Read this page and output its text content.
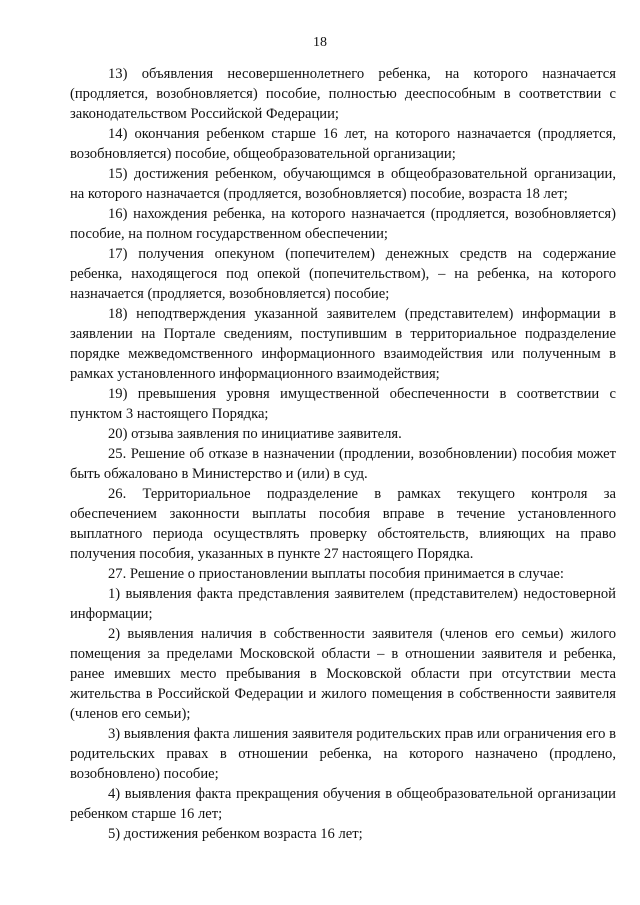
18

13) объявления несовершеннолетнего ребенка, на которого назначается (продляется, возобновляется) пособие, полностью дееспособным в соответствии с законодательством Российской Федерации;

14) окончания ребенком старше 16 лет, на которого назначается (продляется, возобновляется) пособие, общеобразовательной организации;

15) достижения ребенком, обучающимся в общеобразовательной организации, на которого назначается (продляется, возобновляется) пособие, возраста 18 лет;

16) нахождения ребенка, на которого назначается (продляется, возобновляется) пособие, на полном государственном обеспечении;

17) получения опекуном (попечителем) денежных средств на содержание ребенка, находящегося под опекой (попечительством), – на ребенка, на которого назначается (продляется, возобновляется) пособие;

18) неподтверждения указанной заявителем (представителем) информации в заявлении на Портале сведениям, поступившим в территориальное подразделение порядке межведомственного информационного взаимодействия или полученным в рамках установленного информационного взаимодействия;

19) превышения уровня имущественной обеспеченности в соответствии с пунктом 3 настоящего Порядка;

20) отзыва заявления по инициативе заявителя.

25. Решение об отказе в назначении (продлении, возобновлении) пособия может быть обжаловано в Министерство и (или) в суд.

26. Территориальное подразделение в рамках текущего контроля за обеспечением законности выплаты пособия вправе в течение установленного выплатного периода осуществлять проверку обстоятельств, влияющих на право получения пособия, указанных в пункте 27 настоящего Порядка.

27. Решение о приостановлении выплаты пособия принимается в случае:

1) выявления факта представления заявителем (представителем) недостоверной информации;

2) выявления наличия в собственности заявителя (членов его семьи) жилого помещения за пределами Московской области – в отношении заявителя и ребенка, ранее имевших место пребывания в Московской области при отсутствии места жительства в Российской Федерации и жилого помещения в собственности заявителя (членов его семьи);

3) выявления факта лишения заявителя родительских прав или ограничения его в родительских правах в отношении ребенка, на которого назначено (продлено, возобновлено) пособие;

4) выявления факта прекращения обучения в общеобразовательной организации ребенком старше 16 лет;

5) достижения ребенком возраста 16 лет;
